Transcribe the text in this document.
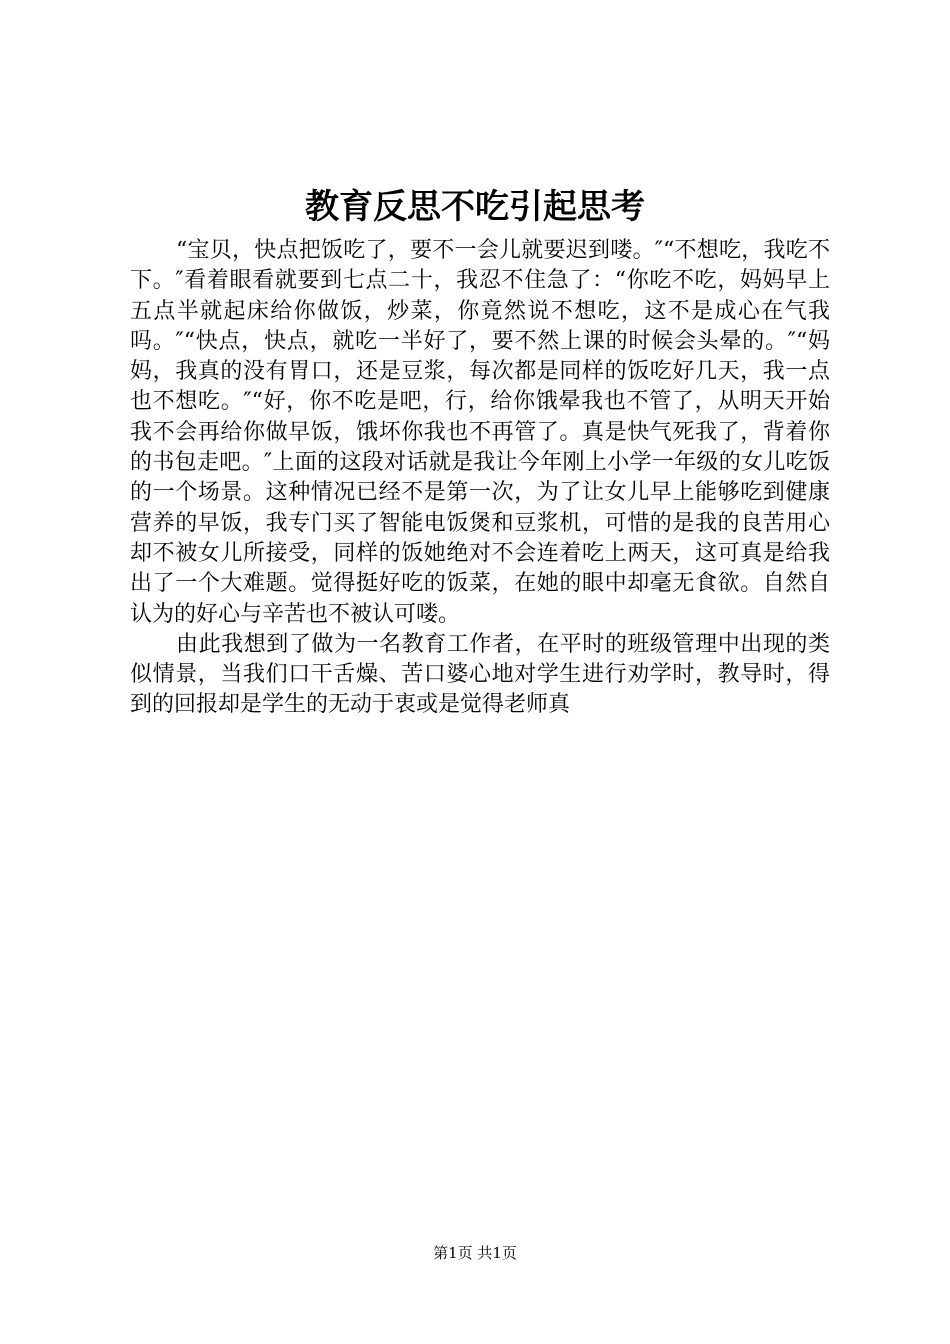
教育反思不吃引起思考

“宝贝，快点把饭吃了，要不一会儿就要迟到喽。″“不想吃，我吃不下。″看着眼看就要到七点二十，我忍不住急了：“你吃不吃，妈妈早上五点半就起床给你做饭，炒菜，你竟然说不想吃，这不是成心在气我吗。″“快点，快点，就吃一半好了，要不然上课的时候会头晕的。″“妈妈，我真的没有胃口，还是豆浆，每次都是同样的饭吃好几天，我一点也不想吃。″“好，你不吃是吧，行，给你饿晕我也不管了，从明天开始我不会再给你做早饭，饿坏你我也不再管了。真是快气死我了，背着你的书包走吧。″上面的这段对话就是我让今年刚上小学一年级的女儿吃饭的一个场景。这种情况已经不是第一次，为了让女儿早上能够吃到健康营养的早饭，我专门买了智能电饭煲和豆浆机，可惜的是我的良苦用心却不被女儿所接受，同样的饭她绝对不会连着吃上两天，这可真是给我出了一个大难题。觉得挺好吃的饭菜，在她的眼中却毫无食欲。自然自认为的好心与辛苦也不被认可喽。

由此我想到了做为一名教育工作者，在平时的班级管理中出现的类似情景，当我们口干舌燥、苦口婆心地对学生进行劝学时，教导时，得到的回报却是学生的无动于衷或是觉得老师真

第1页 共1页
